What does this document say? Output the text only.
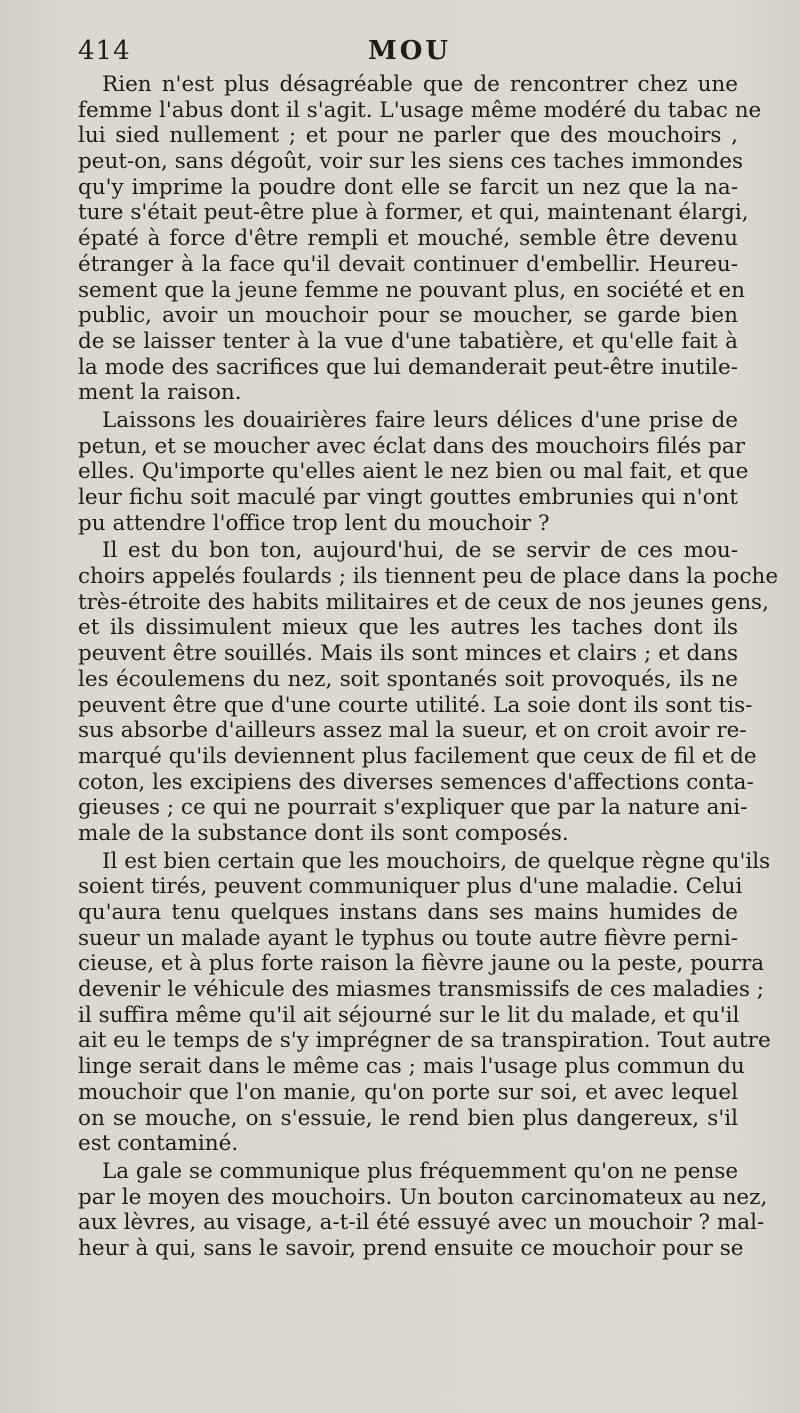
414	MOU
Rien n'est plus désagréable que de rencontrer chez une
femme l'abus dont il s'agit. L'usage même modéré du tabac ne
lui sied nullement ; et pour ne parler que des mouchoirs ,
peut-on, sans dégoût, voir sur les siens ces taches immondes
qu'y imprime la poudre dont elle se farcit un nez que la na-
ture s'était peut-être plue à former, et qui, maintenant élargi,
épaté à force d'être rempli et mouché, semble être devenu
étranger à la face qu'il devait continuer d'embellir. Heureu-
sement que la jeune femme ne pouvant plus, en société et en
public, avoir un mouchoir pour se moucher, se garde bien
de se laisser tenter à la vue d'une tabatière, et qu'elle fait à
la mode des sacrifices que lui demanderait peut-être inutile-
ment la raison.
Laissons les douairières faire leurs délices d'une prise de
petun, et se moucher avec éclat dans des mouchoirs filés par
elles. Qu'importe qu'elles aient le nez bien ou mal fait, et que
leur fichu soit maculé par vingt gouttes embrunies qui n'ont
pu attendre l'office trop lent du mouchoir ?
Il est du bon ton, aujourd'hui, de se servir de ces mou-
choirs appelés foulards ; ils tiennent peu de place dans la poche
très-étroite des habits militaires et de ceux de nos jeunes gens,
et ils dissimulent mieux que les autres les taches dont ils
peuvent être souillés. Mais ils sont minces et clairs ; et dans
les écoulemens du nez, soit spontanés soit provoqués, ils ne
peuvent être que d'une courte utilité. La soie dont ils sont tis-
sus absorbe d'ailleurs assez mal la sueur, et on croit avoir re-
marqué qu'ils deviennent plus facilement que ceux de fil et de
coton, les excipiens des diverses semences d'affections conta-
gieuses ; ce qui ne pourrait s'expliquer que par la nature ani-
male de la substance dont ils sont composés.
Il est bien certain que les mouchoirs, de quelque règne qu'ils
soient tirés, peuvent communiquer plus d'une maladie. Celui
qu'aura tenu quelques instans dans ses mains humides de
sueur un malade ayant le typhus ou toute autre fièvre perni-
cieuse, et à plus forte raison la fièvre jaune ou la peste, pourra
devenir le véhicule des miasmes transmissifs de ces maladies ;
il suffira même qu'il ait séjourné sur le lit du malade, et qu'il
ait eu le temps de s'y imprégner de sa transpiration. Tout autre
linge serait dans le même cas ; mais l'usage plus commun du
mouchoir que l'on manie, qu'on porte sur soi, et avec lequel
on se mouche, on s'essuie, le rend bien plus dangereux, s'il
est contaminé.
La gale se communique plus fréquemment qu'on ne pense
par le moyen des mouchoirs. Un bouton carcinomateux au nez,
aux lèvres, au visage, a-t-il été essuyé avec un mouchoir ? mal-
heur à qui, sans le savoir, prend ensuite ce mouchoir pour se
